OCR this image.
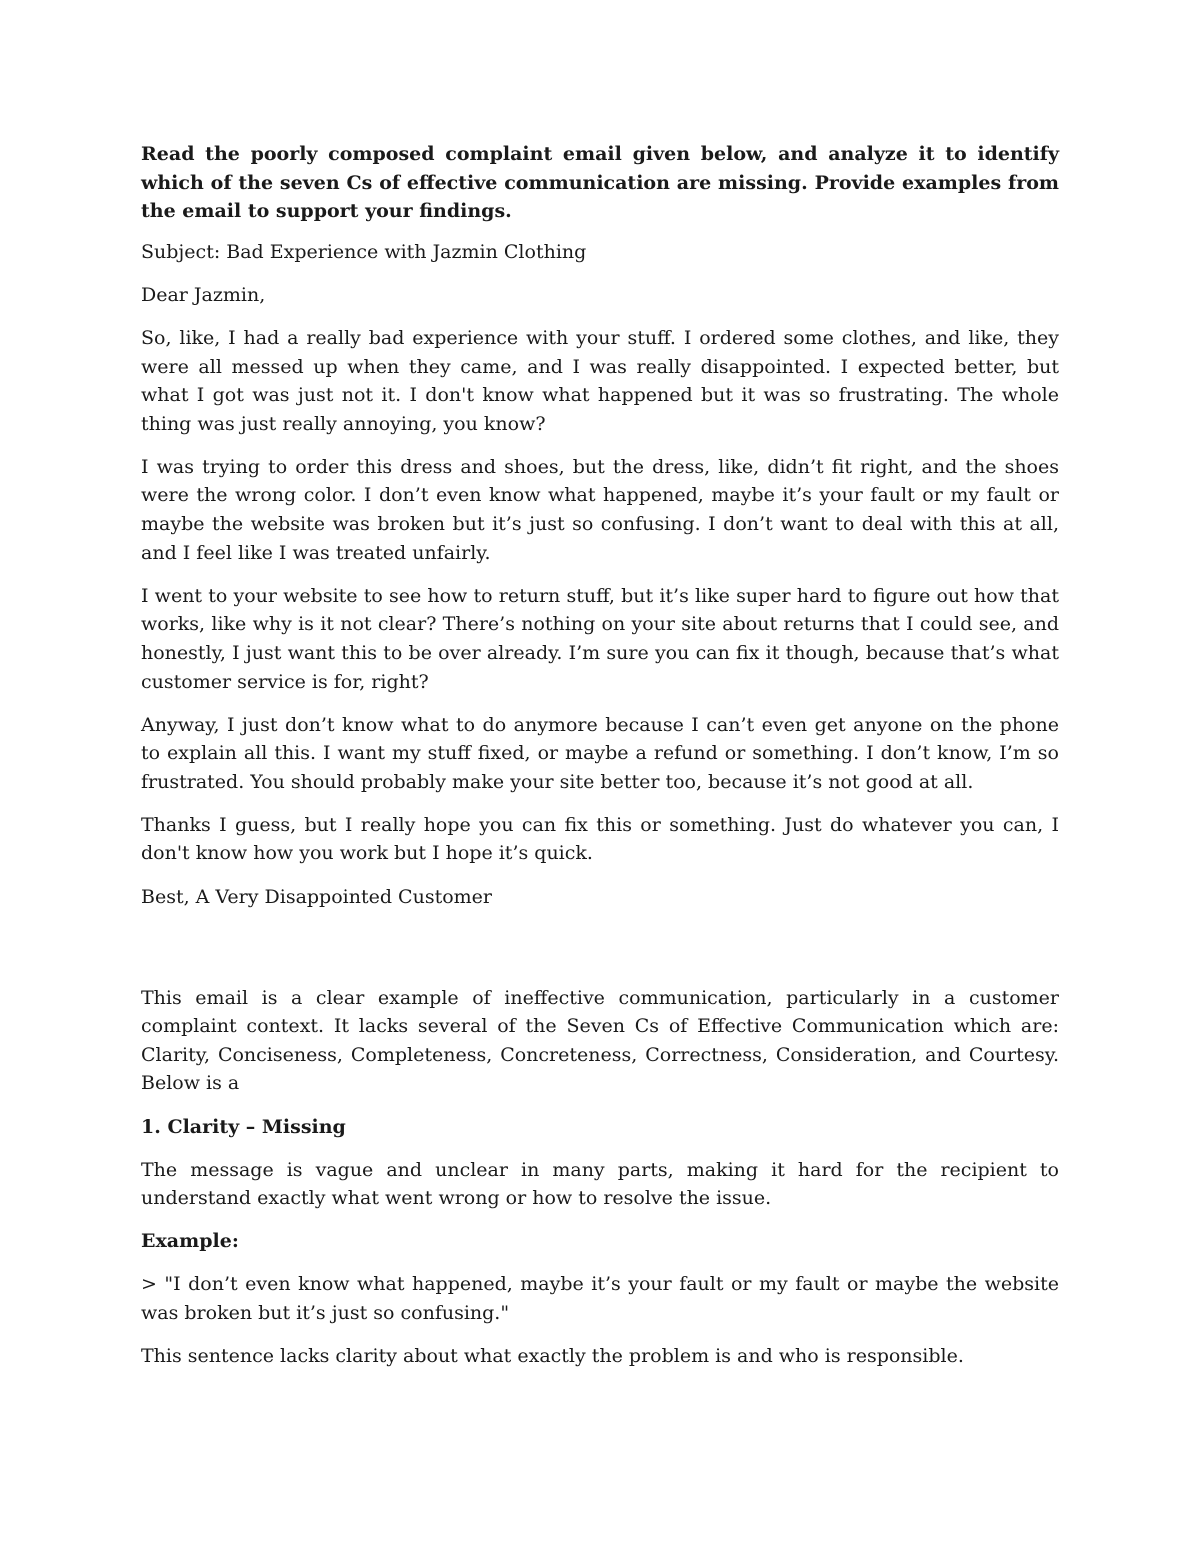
Read the poorly composed complaint email given below, and analyze it to identify which of the seven Cs of effective communication are missing. Provide examples from the email to support your findings.

Subject: Bad Experience with Jazmin Clothing

Dear Jazmin,

So, like, I had a really bad experience with your stuff. I ordered some clothes, and like, they were all messed up when they came, and I was really disappointed. I expected better, but what I got was just not it. I don't know what happened but it was so frustrating. The whole thing was just really annoying, you know?

I was trying to order this dress and shoes, but the dress, like, didn’t fit right, and the shoes were the wrong color. I don’t even know what happened, maybe it’s your fault or my fault or maybe the website was broken but it’s just so confusing. I don’t want to deal with this at all, and I feel like I was treated unfairly.

I went to your website to see how to return stuff, but it’s like super hard to figure out how that works, like why is it not clear? There’s nothing on your site about returns that I could see, and honestly, I just want this to be over already. I’m sure you can fix it though, because that’s what customer service is for, right?

Anyway, I just don’t know what to do anymore because I can’t even get anyone on the phone to explain all this. I want my stuff fixed, or maybe a refund or something. I don’t know, I’m so frustrated. You should probably make your site better too, because it’s not good at all.

Thanks I guess, but I really hope you can fix this or something. Just do whatever you can, I don't know how you work but I hope it’s quick.

Best, A Very Disappointed Customer

This email is a clear example of ineffective communication, particularly in a customer complaint context. It lacks several of the Seven Cs of Effective Communication which are: Clarity, Conciseness, Completeness, Concreteness, Correctness, Consideration, and Courtesy. Below is a

1. Clarity – Missing

The message is vague and unclear in many parts, making it hard for the recipient to understand exactly what went wrong or how to resolve the issue.

Example:

> "I don’t even know what happened, maybe it’s your fault or my fault or maybe the website was broken but it’s just so confusing."

This sentence lacks clarity about what exactly the problem is and who is responsible.
